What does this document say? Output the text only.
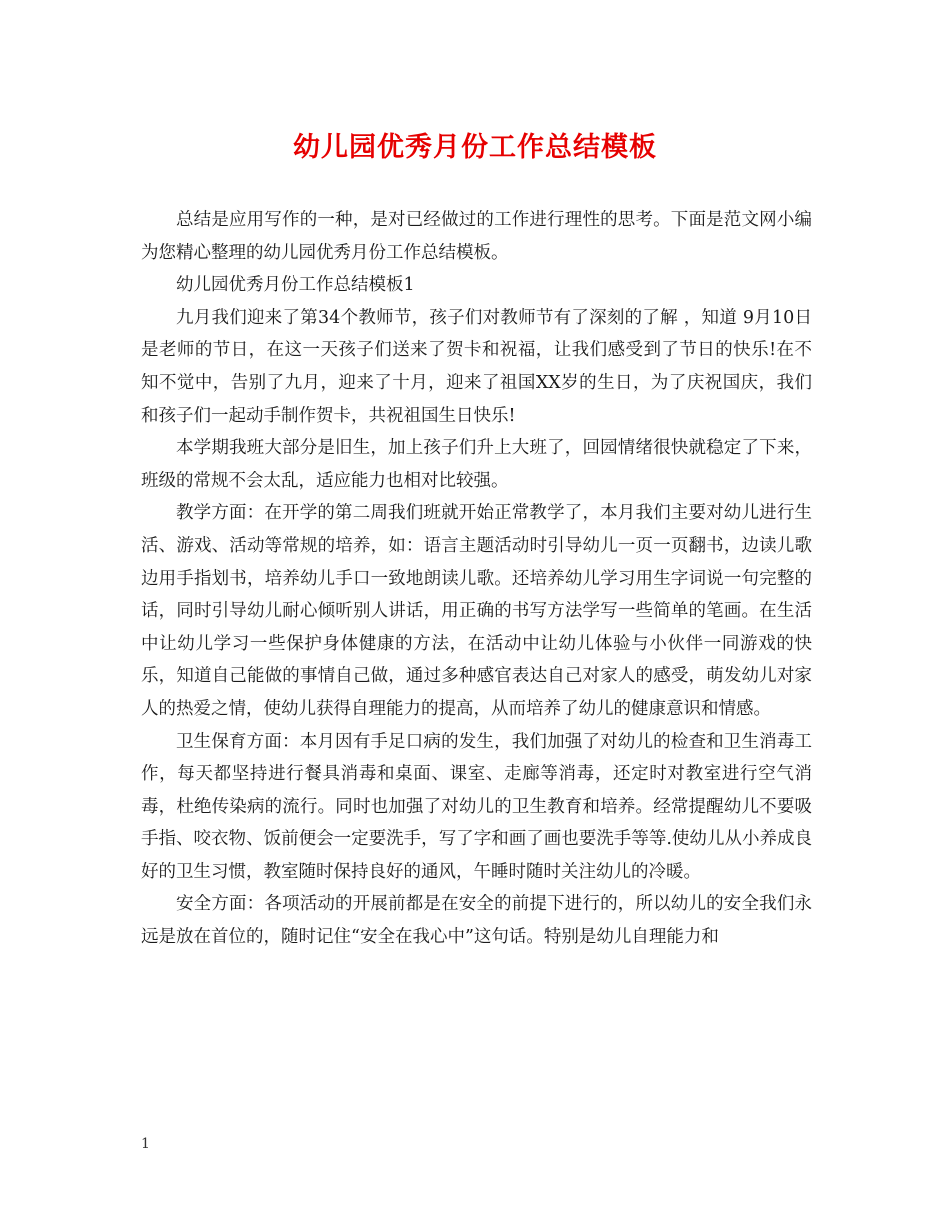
幼儿园优秀月份工作总结模板

总结是应用写作的一种，是对已经做过的工作进行理性的思考。下面是范文网小编为您精心整理的幼儿园优秀月份工作总结模板。

幼儿园优秀月份工作总结模板1

九月我们迎来了第34个教师节，孩子们对教师节有了深刻的了解 ，知道 9月10日是老师的节日，在这一天孩子们送来了贺卡和祝福，让我们感受到了节日的快乐!在不知不觉中，告别了九月，迎来了十月，迎来了祖国XX岁的生日，为了庆祝国庆，我们和孩子们一起动手制作贺卡，共祝祖国生日快乐!

本学期我班大部分是旧生，加上孩子们升上大班了，回园情绪很快就稳定了下来，班级的常规不会太乱，适应能力也相对比较强。

教学方面：在开学的第二周我们班就开始正常教学了，本月我们主要对幼儿进行生活、游戏、活动等常规的培养，如：语言主题活动时引导幼儿一页一页翻书，边读儿歌边用手指划书，培养幼儿手口一致地朗读儿歌。还培养幼儿学习用生字词说一句完整的话，同时引导幼儿耐心倾听别人讲话，用正确的书写方法学写一些简单的笔画。在生活中让幼儿学习一些保护身体健康的方法，在活动中让幼儿体验与小伙伴一同游戏的快乐，知道自己能做的事情自己做，通过多种感官表达自己对家人的感受，萌发幼儿对家人的热爱之情，使幼儿获得自理能力的提高，从而培养了幼儿的健康意识和情感。

卫生保育方面：本月因有手足口病的发生，我们加强了对幼儿的检查和卫生消毒工作，每天都坚持进行餐具消毒和桌面、课室、走廊等消毒，还定时对教室进行空气消毒，杜绝传染病的流行。同时也加强了对幼儿的卫生教育和培养。经常提醒幼儿不要吸手指、咬衣物、饭前便会一定要洗手，写了字和画了画也要洗手等等.使幼儿从小养成良好的卫生习惯，教室随时保持良好的通风，午睡时随时关注幼儿的冷暖。

安全方面：各项活动的开展前都是在安全的前提下进行的，所以幼儿的安全我们永远是放在首位的，随时记住“安全在我心中”这句话。特别是幼儿自理能力和

1
